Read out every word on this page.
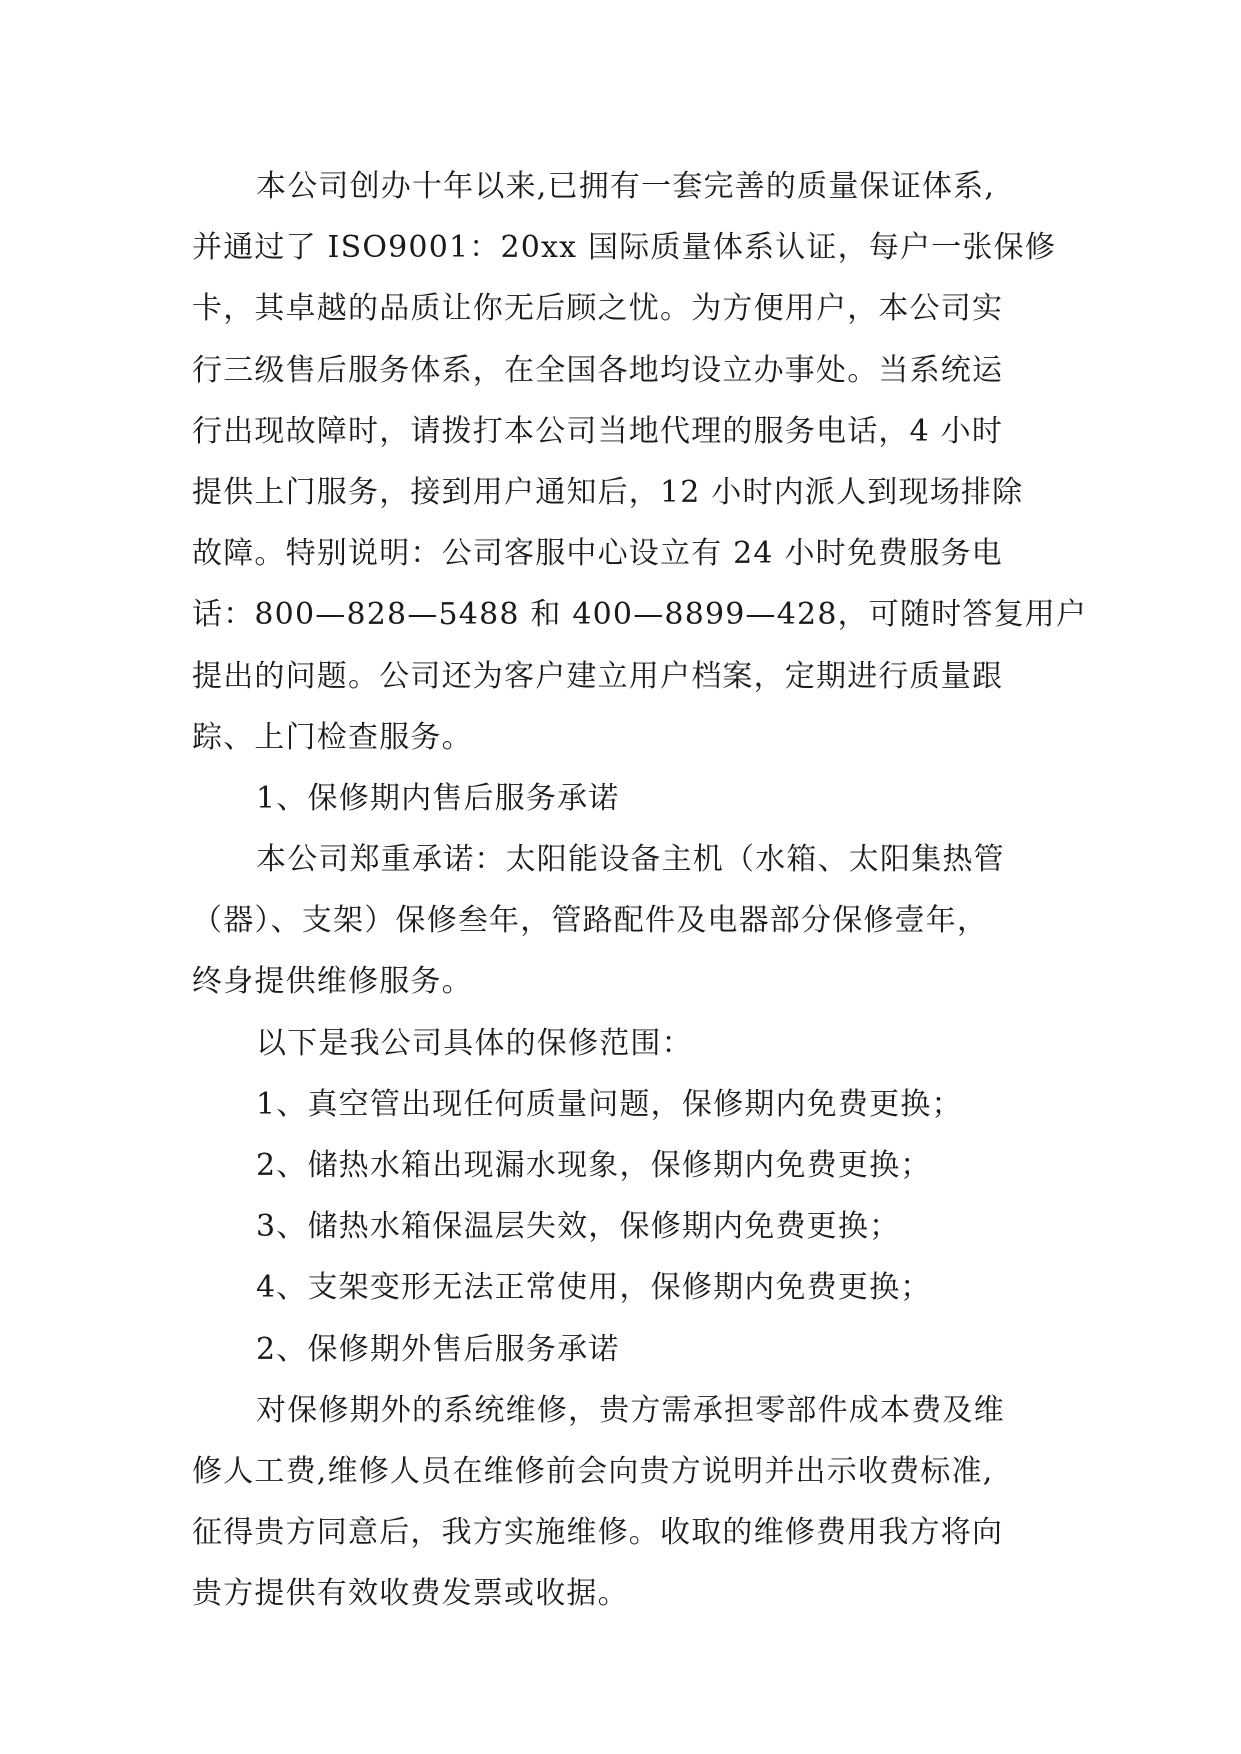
本公司创办十年以来,已拥有一套完善的质量保证体系,
并通过了 ISO9001：20xx 国际质量体系认证，每户一张保修
卡，其卓越的品质让你无后顾之忧。为方便用户，本公司实
行三级售后服务体系，在全国各地均设立办事处。当系统运
行出现故障时，请拨打本公司当地代理的服务电话，4 小时
提供上门服务，接到用户通知后，12 小时内派人到现场排除
故障。特别说明：公司客服中心设立有 24 小时免费服务电
话：800—828—5488 和 400—8899—428，可随时答复用户
提出的问题。公司还为客户建立用户档案，定期进行质量跟
踪、上门检查服务。
1、保修期内售后服务承诺
本公司郑重承诺：太阳能设备主机（水箱、太阳集热管
（器）、支架）保修叁年，管路配件及电器部分保修壹年，
终身提供维修服务。
以下是我公司具体的保修范围：
1、真空管出现任何质量问题，保修期内免费更换；
2、储热水箱出现漏水现象，保修期内免费更换；
3、储热水箱保温层失效，保修期内免费更换；
4、支架变形无法正常使用，保修期内免费更换；
2、保修期外售后服务承诺
对保修期外的系统维修，贵方需承担零部件成本费及维
修人工费,维修人员在维修前会向贵方说明并出示收费标准,
征得贵方同意后，我方实施维修。收取的维修费用我方将向
贵方提供有效收费发票或收据。
